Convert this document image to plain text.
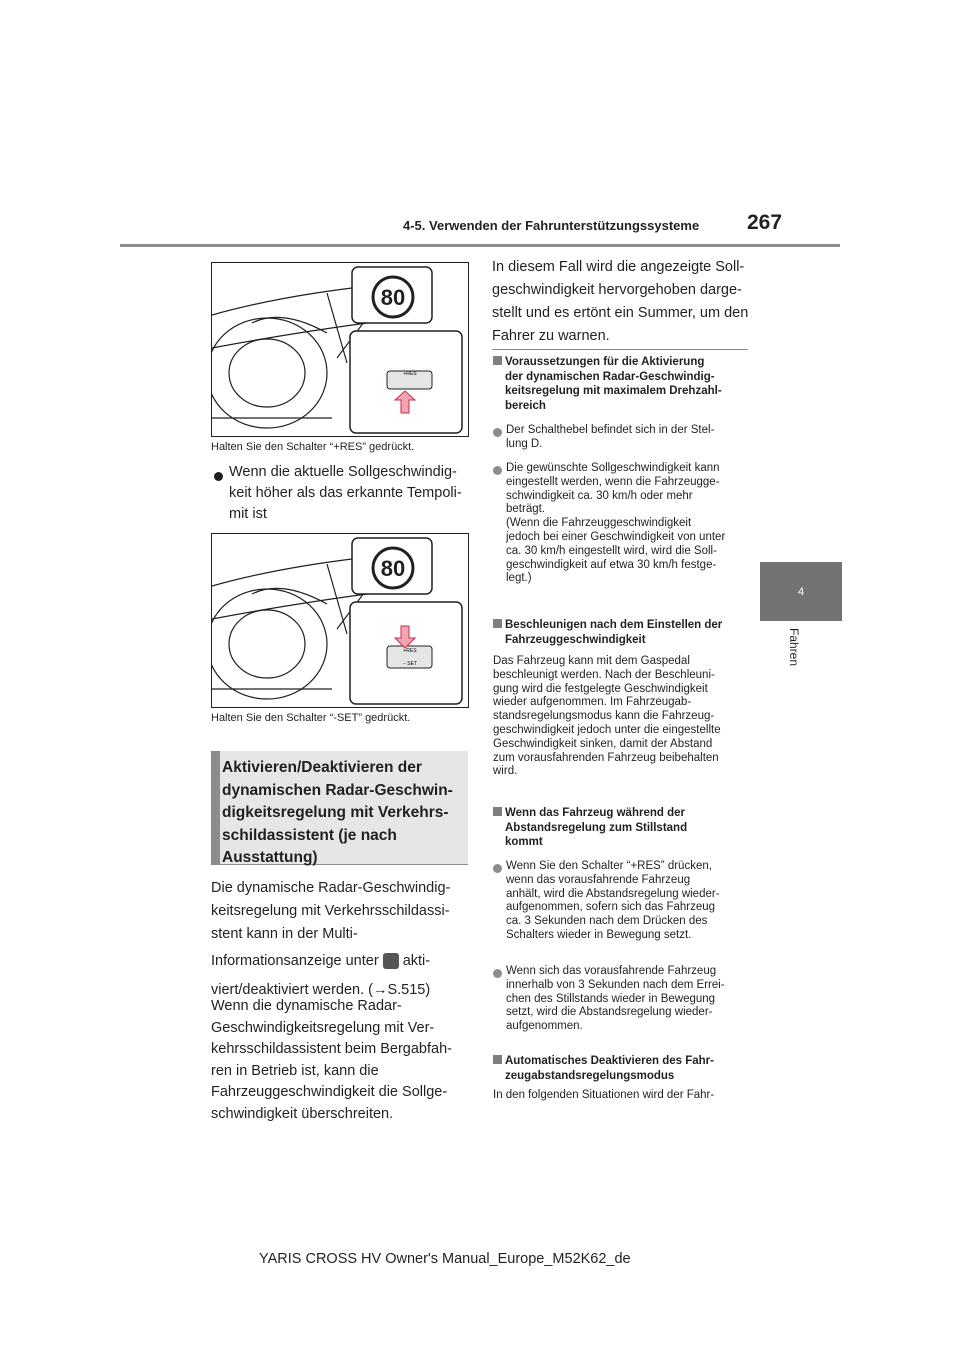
4-5. Verwenden der Fahrunterstützungssysteme 267
4
Fahren
80
+RES
Halten Sie den Schalter “+RES” gedrückt.
Wenn die aktuelle Sollgeschwindig-
keit höher als das erkannte Tempoli-
mit ist
80
+RES
− SET
Halten Sie den Schalter “-SET” gedrückt.
Aktivieren/Deaktivieren der
dynamischen Radar-Geschwin-
digkeitsregelung mit Verkehrs-
schildassistent (je nach
Ausstattung)
Die dynamische Radar-Geschwindig-
keitsregelung mit Verkehrsschildassi-
stent kann in der Multi-
Informationsanzeige unter akti-
viert/deaktiviert werden. (→S.515)
Wenn die dynamische Radar-
Geschwindigkeitsregelung mit Ver-
kehrsschildassistent beim Bergabfah-
ren in Betrieb ist, kann die
Fahrzeuggeschwindigkeit die Sollge-
schwindigkeit überschreiten.
In diesem Fall wird die angezeigte Soll-
geschwindigkeit hervorgehoben darge-
stellt und es ertönt ein Summer, um den
Fahrer zu warnen.
Voraussetzungen für die Aktivierung
der dynamischen Radar-Geschwindig-
keitsregelung mit maximalem Drehzahl-
bereich
Der Schalthebel befindet sich in der Stel-
lung D.
Die gewünschte Sollgeschwindigkeit kann
eingestellt werden, wenn die Fahrzeugge-
schwindigkeit ca. 30 km/h oder mehr
beträgt.
(Wenn die Fahrzeuggeschwindigkeit
jedoch bei einer Geschwindigkeit von unter
ca. 30 km/h eingestellt wird, wird die Soll-
geschwindigkeit auf etwa 30 km/h festge-
legt.)
Beschleunigen nach dem Einstellen der
Fahrzeuggeschwindigkeit
Das Fahrzeug kann mit dem Gaspedal
beschleunigt werden. Nach der Beschleuni-
gung wird die festgelegte Geschwindigkeit
wieder aufgenommen. Im Fahrzeugab-
standsregelungsmodus kann die Fahrzeug-
geschwindigkeit jedoch unter die eingestellte
Geschwindigkeit sinken, damit der Abstand
zum vorausfahrenden Fahrzeug beibehalten
wird.
Wenn das Fahrzeug während der
Abstandsregelung zum Stillstand
kommt
Wenn Sie den Schalter “+RES” drücken,
wenn das vorausfahrende Fahrzeug
anhält, wird die Abstandsregelung wieder-
aufgenommen, sofern sich das Fahrzeug
ca. 3 Sekunden nach dem Drücken des
Schalters wieder in Bewegung setzt.
Wenn sich das vorausfahrende Fahrzeug
innerhalb von 3 Sekunden nach dem Errei-
chen des Stillstands wieder in Bewegung
setzt, wird die Abstandsregelung wieder-
aufgenommen.
Automatisches Deaktivieren des Fahr-
zeugabstandsregelungsmodus
In den folgenden Situationen wird der Fahr-
YARIS CROSS HV Owner's Manual_Europe_M52K62_de
